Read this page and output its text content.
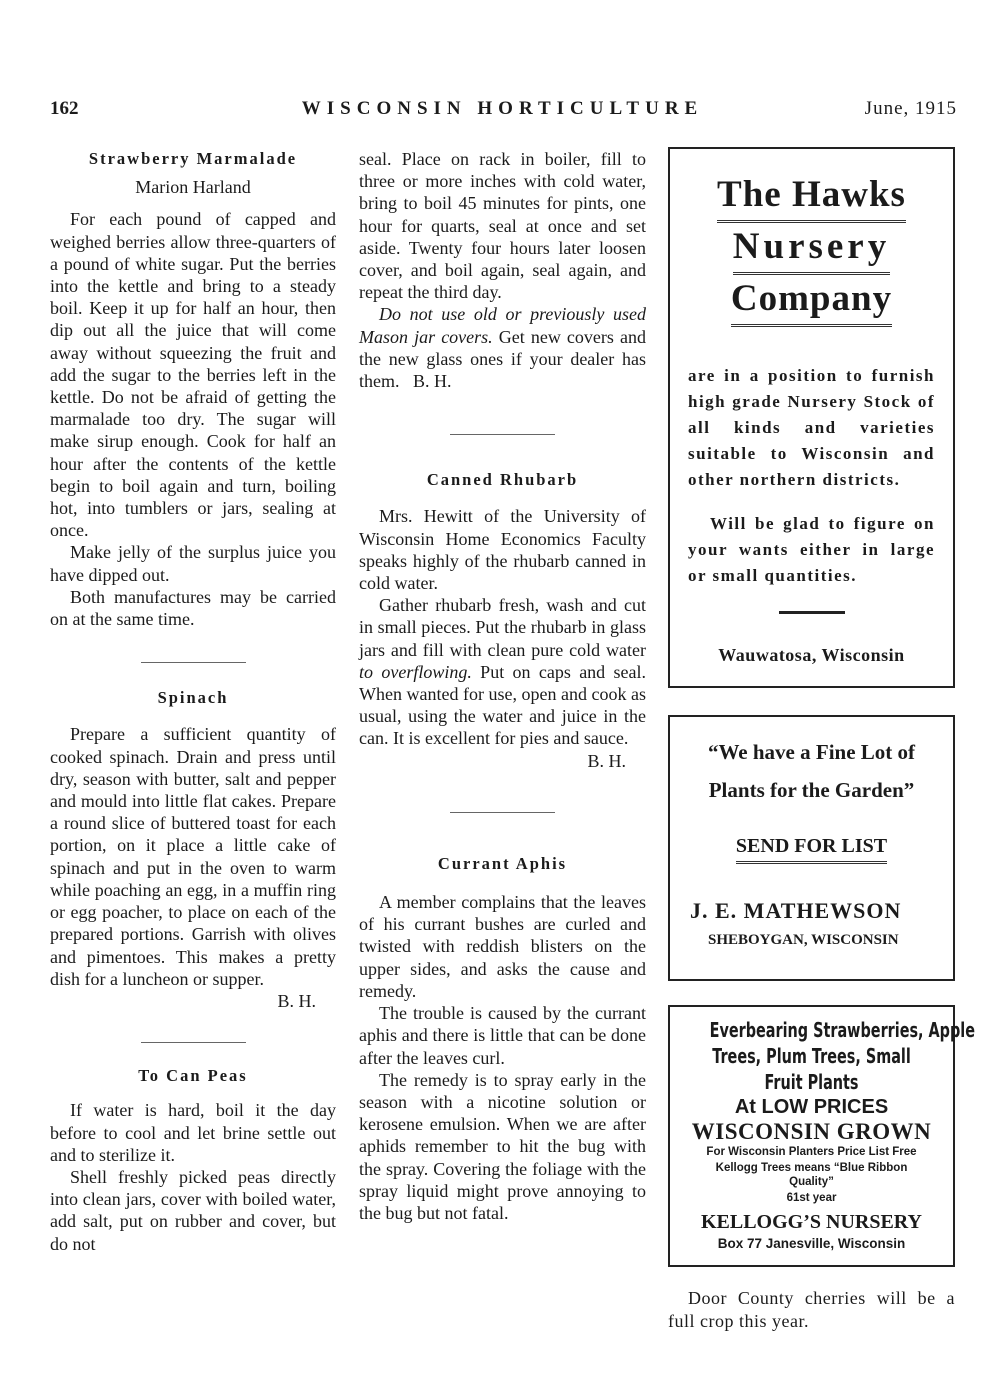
162	WISCONSIN HORTICULTURE	June, 1915
Strawberry Marmalade
Marion Harland

For each pound of capped and weighed berries allow three-quarters of a pound of white sugar. Put the berries into the kettle and bring to a steady boil. Keep it up for half an hour, then dip out all the juice that will come away without squeezing the fruit and add the sugar to the berries left in the kettle. Do not be afraid of getting the marmalade too dry. The sugar will make sirup enough. Cook for half an hour after the contents of the kettle begin to boil again and turn, boiling hot, into tumblers or jars, sealing at once.

Make jelly of the surplus juice you have dipped out.

Both manufactures may be carried on at the same time.

Spinach

Prepare a sufficient quantity of cooked spinach. Drain and press until dry, season with butter, salt and pepper and mould into little flat cakes. Prepare a round slice of buttered toast for each portion, on it place a little cake of spinach and put in the oven to warm while poaching an egg, in a muffin ring or egg poacher, to place on each of the prepared portions. Garrish with olives and pimentoes. This makes a pretty dish for a luncheon or supper.

B. H.

To Can Peas

If water is hard, boil it the day before to cool and let brine settle out and to sterilize it.

Shell freshly picked peas directly into clean jars, cover with boiled water, add salt, put on rubber and cover, but do not

seal. Place on rack in boiler, fill to three or more inches with cold water, bring to boil 45 minutes for pints, one hour for quarts, seal at once and set aside. Twenty four hours later loosen cover, and boil again, seal again, and repeat the third day.

Do not use old or previously used Mason jar covers. Get new covers and the new glass ones if your dealer has them. B. H.

Canned Rhubarb

Mrs. Hewitt of the University of Wisconsin Home Economics Faculty speaks highly of the rhubarb canned in cold water.

Gather rhubarb fresh, wash and cut in small pieces. Put the rhubarb in glass jars and fill with clean pure cold water to overflowing. Put on caps and seal. When wanted for use, open and cook as usual, using the water and juice in the can. It is excellent for pies and sauce.

B. H.

Currant Aphis

A member complains that the leaves of his currant bushes are curled and twisted with reddish blisters on the upper sides, and asks the cause and remedy.

The trouble is caused by the currant aphis and there is little that can be done after the leaves curl.

The remedy is to spray early in the season with a nicotine solution or kerosene emulsion. When we are after aphids remember to hit the bug with the spray. Covering the foliage with the spray liquid might prove annoying to the bug but not fatal.

The Hawks
Nursery
Company
are in a position to furnish high grade Nursery Stock of all kinds and varieties suitable to Wisconsin and other northern districts.
Will be glad to figure on your wants either in large or small quantities.
Wauwatosa, Wisconsin
“We have a Fine Lot of
Plants for the Garden”
SEND FOR LIST
J. E. MATHEWSON
SHEBOYGAN, WISCONSIN
Everbearing Strawberries, Apple
Trees, Plum Trees, Small
Fruit Plants
At LOW PRICES
WISCONSIN GROWN
For Wisconsin Planters Price List Free
Kellogg Trees means “Blue Ribbon Quality”
61st year
KELLOGG’S NURSERY
Box 77 Janesville, Wisconsin
Door County cherries will be a full crop this year.
